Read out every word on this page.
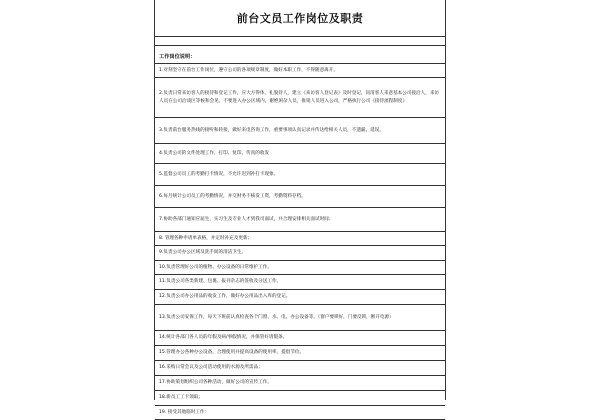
前台文员工作岗位及职责
工作岗位说明：
1.对刻坚守在前台工作岗位，遵守公司的各项规章制度，做好本职工作，不得随意离开。
2.负责日常来访客人的接待和登记工作，应大方得体，礼貌待人，建立《来访客人登记表》及时登记，问清客人来意基本公司接洽人，来访人员在公司洽谈区等候和会见，不要进入办公区域内，谢绝闲杂人员，推销人员进入公司，严格执行公司《接待流程制度》
3.负责前台服务热线的接听和转接，做好来电咨询工作，重要事项认真记录并传达给相关人员，不遗漏、延误。
4.负责公司的文件处理工作，打印、复印、传真的收发
5.监督公司员工的考勤打卡情况，不允许迟到补打卡现象。
6.每月统计公司员工的考勤情况，并交财务不核发工资，考勤资料存档。
7.协助各部门通知应届生，实习生及专业人才到我司面试，并合理安排相关面试时间；
8. 管理各种申请单表格，并定时补充及更新；
9.负责公司办公区域及洗手间的清洁卫生。
10.负责管理好公司的植物、办公设备的日常维护工作。
11.负责公司各类新建、包裹、报刊杂志的签收及分送工作。
12.负责公司办公用品的收发工作，做好办公用品出入库的登记。
13.负责公司安保工作，每天下班前认真检查各个门窗、水、电、办公设备等。（窗户要锁好，门要反锁，断开电源）
14.统计各部门各人员的年假及病/事假情况，并保管好请假条。
15.管理办公各种办公设备，合理使用并提高设备的使用率，提倡节俭。
16.采购日常会议及公司活动使用的水源及所需品；
17.协助策划组织公司各种活动，做好公司的宣传工作。
18.新员工工卡领取；
19. 接受其他临时工作：
